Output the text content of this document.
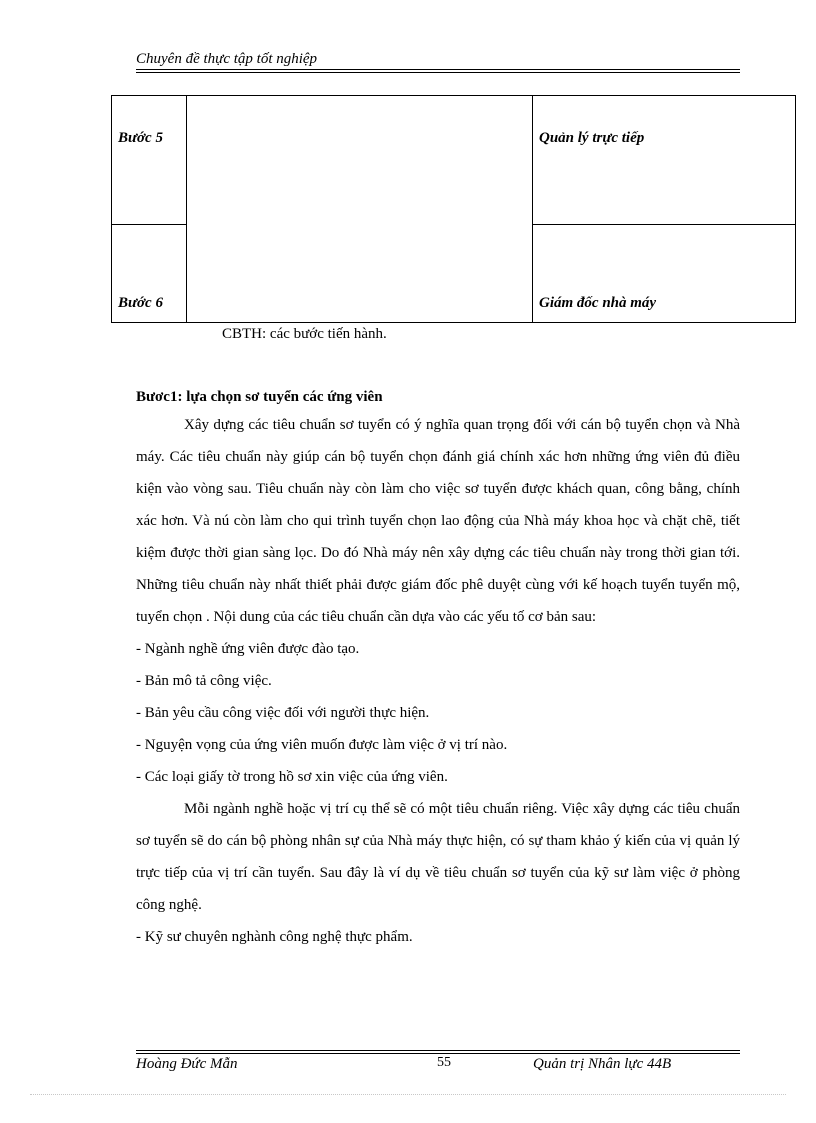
Chuyên đề thực tập tốt nghiệp
Bước 5		Quản lý trực tiếp
Bước 6		Giám đốc nhà máy
CBTH: các bước tiến hành.
Bươc1: lựa chọn sơ tuyển các ứng viên

Xây dựng các tiêu chuẩn sơ tuyển có ý nghĩa quan trọng đối với cán bộ tuyển chọn và Nhà máy. Các tiêu chuẩn này giúp cán bộ tuyển chọn đánh giá chính xác hơn những ứng viên đủ điều kiện vào vòng sau. Tiêu chuẩn này còn làm cho việc sơ tuyển được khách quan, công bằng, chính xác hơn. Và nú còn làm cho qui trình tuyển chọn lao động của Nhà máy khoa học và chặt chẽ, tiết kiệm được thời gian sàng lọc. Do đó Nhà máy nên xây dựng các tiêu chuẩn này trong thời gian tới. Những tiêu chuẩn này nhất thiết phải được giám đốc phê duyệt cùng với kế hoạch tuyển tuyển mộ, tuyển chọn . Nội dung của các tiêu chuẩn cần dựa vào các yếu tố cơ bản sau:

- Ngành nghề ứng viên được đào tạo.
- Bản mô tả công việc.
- Bản yêu cầu công việc đối với người thực hiện.
- Nguyện vọng của ứng viên muốn được làm việc ở vị trí nào.
- Các loại giấy tờ trong hồ sơ xin việc của ứng viên.

Mỗi ngành nghề hoặc vị trí cụ thể sẽ có một tiêu chuẩn riêng. Việc xây dựng các tiêu chuẩn sơ tuyển sẽ do cán bộ phòng nhân sự của Nhà máy thực hiện, có sự tham khảo ý kiến của vị quản lý trực tiếp của vị trí cần tuyển. Sau đây là ví dụ về tiêu chuẩn sơ tuyển của kỹ sư làm việc ở phòng công nghệ.

- Kỹ sư chuyên nghành công nghệ thực phẩm.
Hoàng Đức Mẫn	55	Quản trị Nhân lực 44B
